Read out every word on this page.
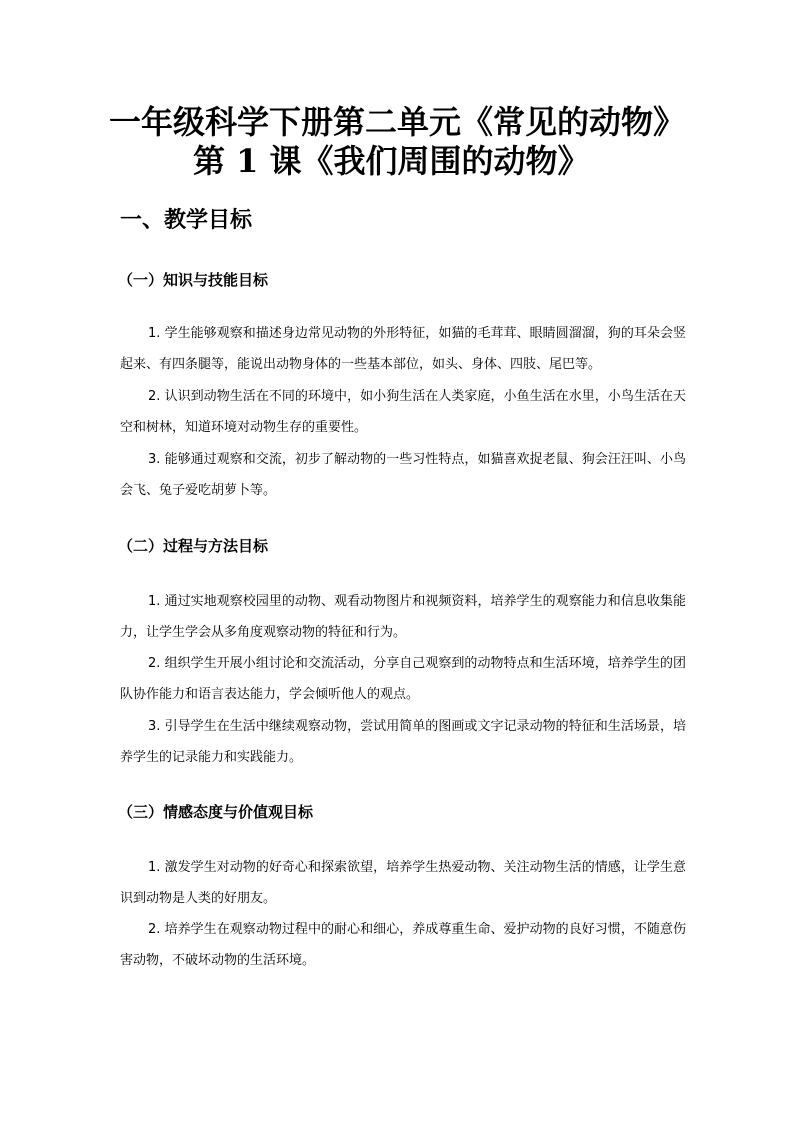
一年级科学下册第二单元《常见的动物》
第 1 课《我们周围的动物》
一、教学目标
（一）知识与技能目标

1. 学生能够观察和描述身边常见动物的外形特征，如猫的毛茸茸、眼睛圆溜溜，狗的耳朵会竖起来、有四条腿等，能说出动物身体的一些基本部位，如头、身体、四肢、尾巴等。

2. 认识到动物生活在不同的环境中，如小狗生活在人类家庭，小鱼生活在水里，小鸟生活在天空和树林，知道环境对动物生存的重要性。

3. 能够通过观察和交流，初步了解动物的一些习性特点，如猫喜欢捉老鼠、狗会汪汪叫、小鸟会飞、兔子爱吃胡萝卜等。

（二）过程与方法目标

1. 通过实地观察校园里的动物、观看动物图片和视频资料，培养学生的观察能力和信息收集能力，让学生学会从多角度观察动物的特征和行为。

2. 组织学生开展小组讨论和交流活动，分享自己观察到的动物特点和生活环境，培养学生的团队协作能力和语言表达能力，学会倾听他人的观点。

3. 引导学生在生活中继续观察动物，尝试用简单的图画或文字记录动物的特征和生活场景，培养学生的记录能力和实践能力。

（三）情感态度与价值观目标

1. 激发学生对动物的好奇心和探索欲望，培养学生热爱动物、关注动物生活的情感，让学生意识到动物是人类的好朋友。

2. 培养学生在观察动物过程中的耐心和细心，养成尊重生命、爱护动物的良好习惯，不随意伤害动物，不破坏动物的生活环境。
